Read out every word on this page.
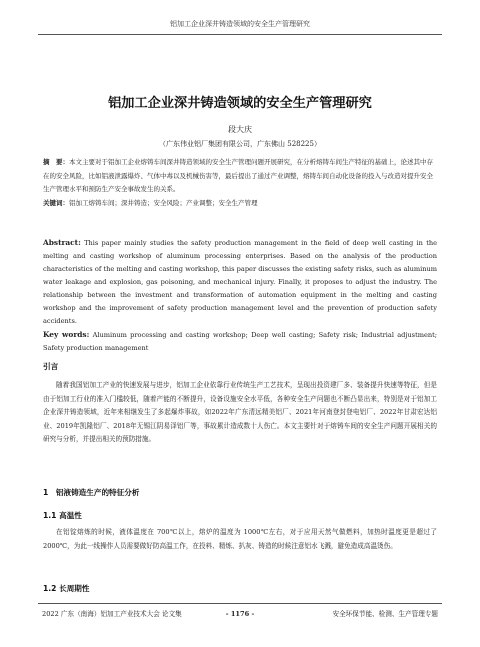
铝加工企业深井铸造领域的安全生产管理研究
铝加工企业深井铸造领域的安全生产管理研究
段大庆
（广东伟业铝厂集团有限公司，广东佛山 528225）
摘　要：本文主要对于铝加工企业熔铸车间深井铸造领域的安全生产管理问题开展研究，在分析熔铸车间生产特征的基础上，论述其中存在的安全风险，比如铝液泄露爆炸、气体中毒以及机械伤害等，最后提出了通过产业调整，熔铸车间自动化设备的投入与改造对提升安全生产管理水平和预防生产安全事故发生的关系。
关键词：铝加工熔铸车间；深井铸造；安全风险；产业调整；安全生产管理

Abstract: This paper mainly studies the safety production management in the field of deep well casting in the melting and casting workshop of aluminum processing enterprises. Based on the analysis of the production characteristics of the melting and casting workshop, this paper discusses the existing safety risks, such as aluminum water leakage and explosion, gas poisoning, and mechanical injury. Finally, it proposes to adjust the industry. The relationship between the investment and transformation of automation equipment in the melting and casting workshop and the improvement of safety production management level and the prevention of production safety accidents.

Key words: Aluminum processing and casting workshop; Deep well casting; Safety risk; Industrial adjustment; Safety production management

引言

随着我国铝加工产业的快速发展与进步，铝加工企业依靠行业传统生产工艺技术，呈现出投资建厂多、装备提升快速等特征，但是由于铝加工行业的准入门槛较低，随着产能的不断提升，设备设施安全水平低，各种安全生产问题也不断凸显出来，特别是对于铝加工企业深井铸造领域，近年来相继发生了多起爆炸事故，如2022年广东清远精美铝厂、2021年河南登封登电铝厂、2022年甘肃宏达铝业、2019年凯隆铝厂、2018年无锡江阴易泽铝厂等，事故累计造成数十人伤亡。本文主要针对于熔铸车间的安全生产问题开展相关的研究与分析，并提出相关的预防措施。

1　铝液铸造生产的特征分析
1.1 高温性

在铝锭熔炼的时候，液体温度在 700℃以上，熔炉的温度为 1000℃左右，对于应用天然气做燃料，加热时温度更是超过了 2000℃，为此一线操作人员需要做好防高温工作，在投料、精炼、扒灰、铸造的时候注意铝水飞溅，避免造成高温烫伤。

1.2 长周期性
2022 广东（南海）铝加工产业技术大会 论文集	- 1176 -	安全环保节能、检测、生产管理专题
